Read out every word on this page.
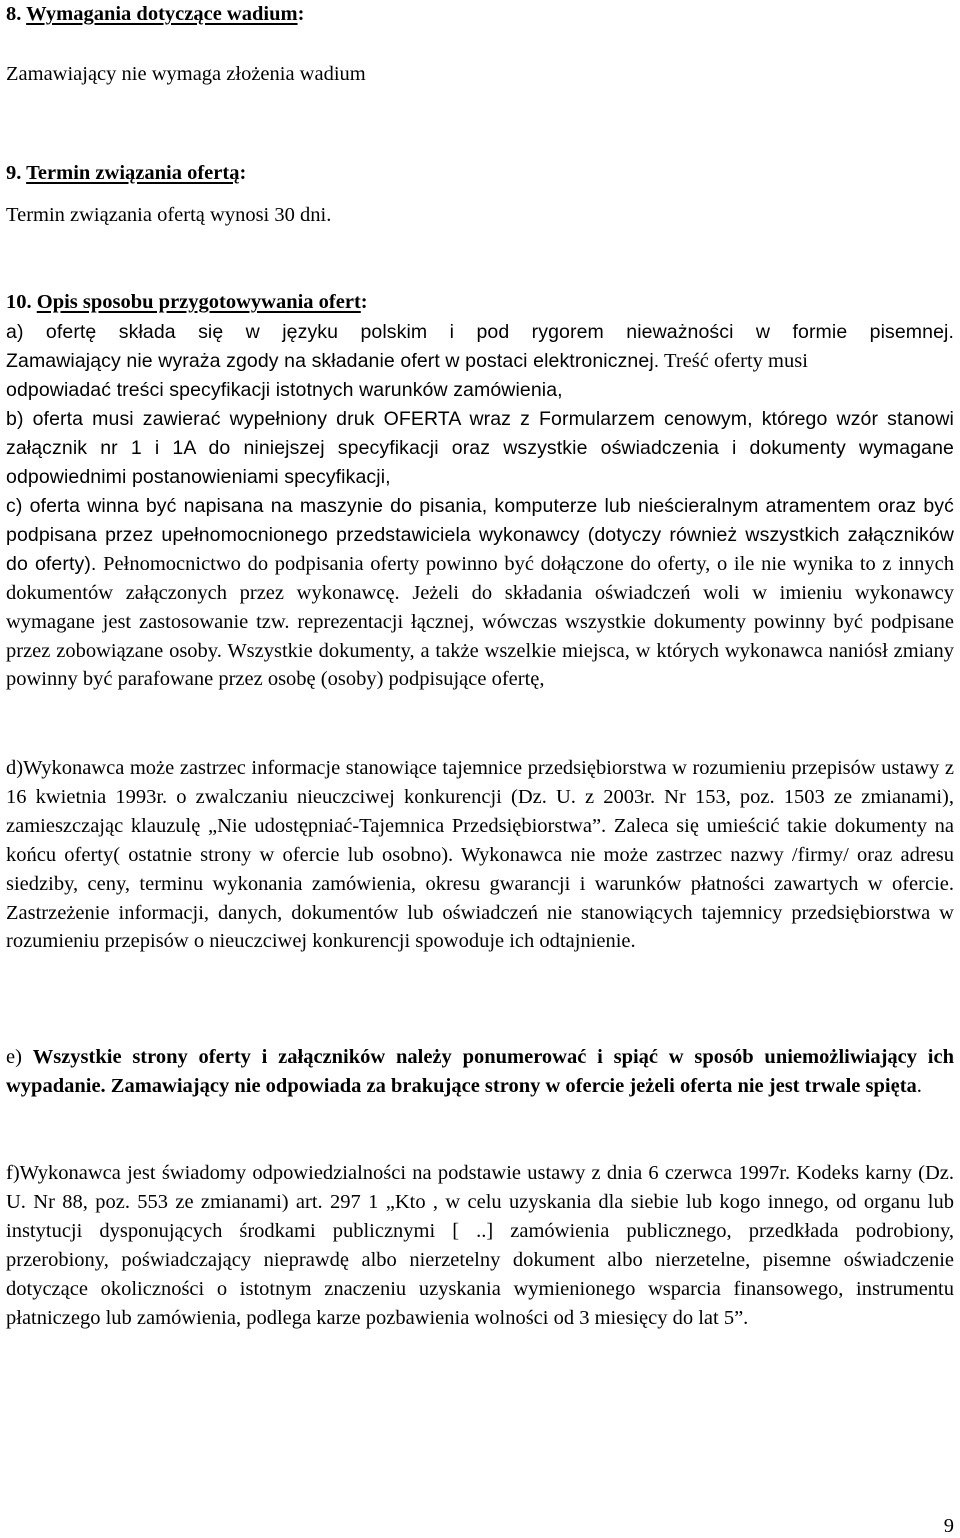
8. Wymagania dotyczące wadium:
Zamawiający nie wymaga złożenia wadium
9. Termin związania ofertą:
Termin związania ofertą wynosi 30 dni.
10. Opis sposobu przygotowywania ofert:
a) ofertę składa się w języku polskim i pod rygorem nieważności w formie pisemnej.
Zamawiający nie wyraża zgody na składanie ofert w postaci elektronicznej. Treść oferty musi
odpowiadać treści specyfikacji istotnych warunków zamówienia,
b) oferta musi zawierać wypełniony druk OFERTA wraz z Formularzem cenowym, którego wzór stanowi załącznik nr 1 i 1A do niniejszej specyfikacji oraz wszystkie oświadczenia i dokumenty wymagane odpowiednimi postanowieniami specyfikacji,
c) oferta winna być napisana na maszynie do pisania, komputerze lub nieścieralnym atramentem oraz być podpisana przez upełnomocnionego przedstawiciela wykonawcy (dotyczy również wszystkich załączników do oferty). Pełnomocnictwo do podpisania oferty powinno być dołączone do oferty, o ile nie wynika to z innych dokumentów załączonych przez wykonawcę. Jeżeli do składania oświadczeń woli w imieniu wykonawcy wymagane jest zastosowanie tzw. reprezentacji łącznej, wówczas wszystkie dokumenty powinny być podpisane przez zobowiązane osoby. Wszystkie dokumenty, a także wszelkie miejsca, w których wykonawca naniósł zmiany powinny być parafowane przez osobę (osoby) podpisujące ofertę,
d)Wykonawca może zastrzec informacje stanowiące tajemnice przedsiębiorstwa w rozumieniu przepisów ustawy z 16 kwietnia 1993r. o zwalczaniu nieuczciwej konkurencji (Dz. U. z 2003r. Nr 153, poz. 1503 ze zmianami), zamieszczając klauzulę „Nie udostępniać-Tajemnica Przedsiębiorstwa”. Zaleca się umieścić takie dokumenty na końcu oferty( ostatnie strony w ofercie lub osobno). Wykonawca nie może zastrzec nazwy /firmy/ oraz adresu siedziby, ceny, terminu wykonania zamówienia, okresu gwarancji i warunków płatności zawartych w ofercie. Zastrzeżenie informacji, danych, dokumentów lub oświadczeń nie stanowiących tajemnicy przedsiębiorstwa w rozumieniu przepisów o nieuczciwej konkurencji spowoduje ich odtajnienie.
e) Wszystkie strony oferty i załączników należy ponumerować i spiąć w sposób uniemożliwiający ich wypadanie. Zamawiający nie odpowiada za brakujące strony w ofercie jeżeli oferta nie jest trwale spięta.
f)Wykonawca jest świadomy odpowiedzialności na podstawie ustawy z dnia 6 czerwca 1997r. Kodeks karny (Dz. U. Nr 88, poz. 553 ze zmianami) art. 297 1 „Kto , w celu uzyskania dla siebie lub kogo innego, od organu lub instytucji dysponujących środkami publicznymi [ ..] zamówienia publicznego, przedkłada podrobiony, przerobiony, poświadczający nieprawdę albo nierzetelny dokument albo nierzetelne, pisemne oświadczenie dotyczące okoliczności o istotnym znaczeniu uzyskania wymienionego wsparcia finansowego, instrumentu płatniczego lub zamówienia, podlega karze pozbawienia wolności od 3 miesięcy do lat 5”.
9
